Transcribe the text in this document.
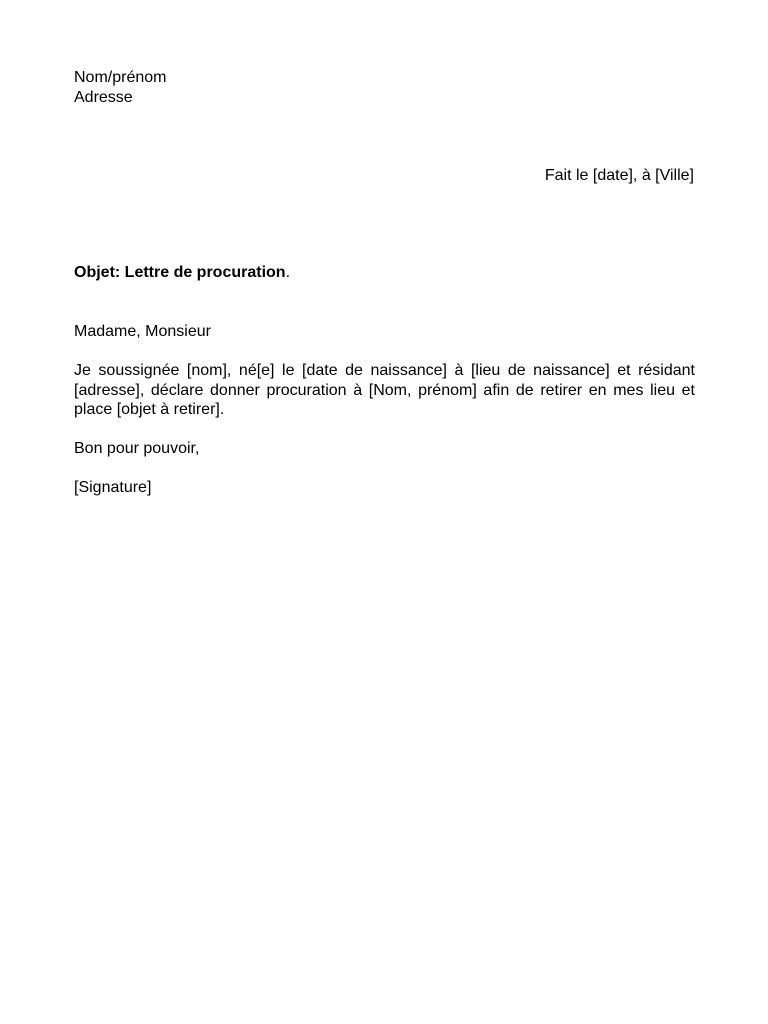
Nom/prénom
Adresse
Fait le [date], à [Ville]
Objet: Lettre de procuration.
Madame, Monsieur

Je soussignée [nom], né[e] le [date de naissance] à [lieu de naissance] et résidant [adresse], déclare donner procuration à [Nom, prénom] afin de retirer en mes lieu et place [objet à retirer].

Bon pour pouvoir,
[Signature]
